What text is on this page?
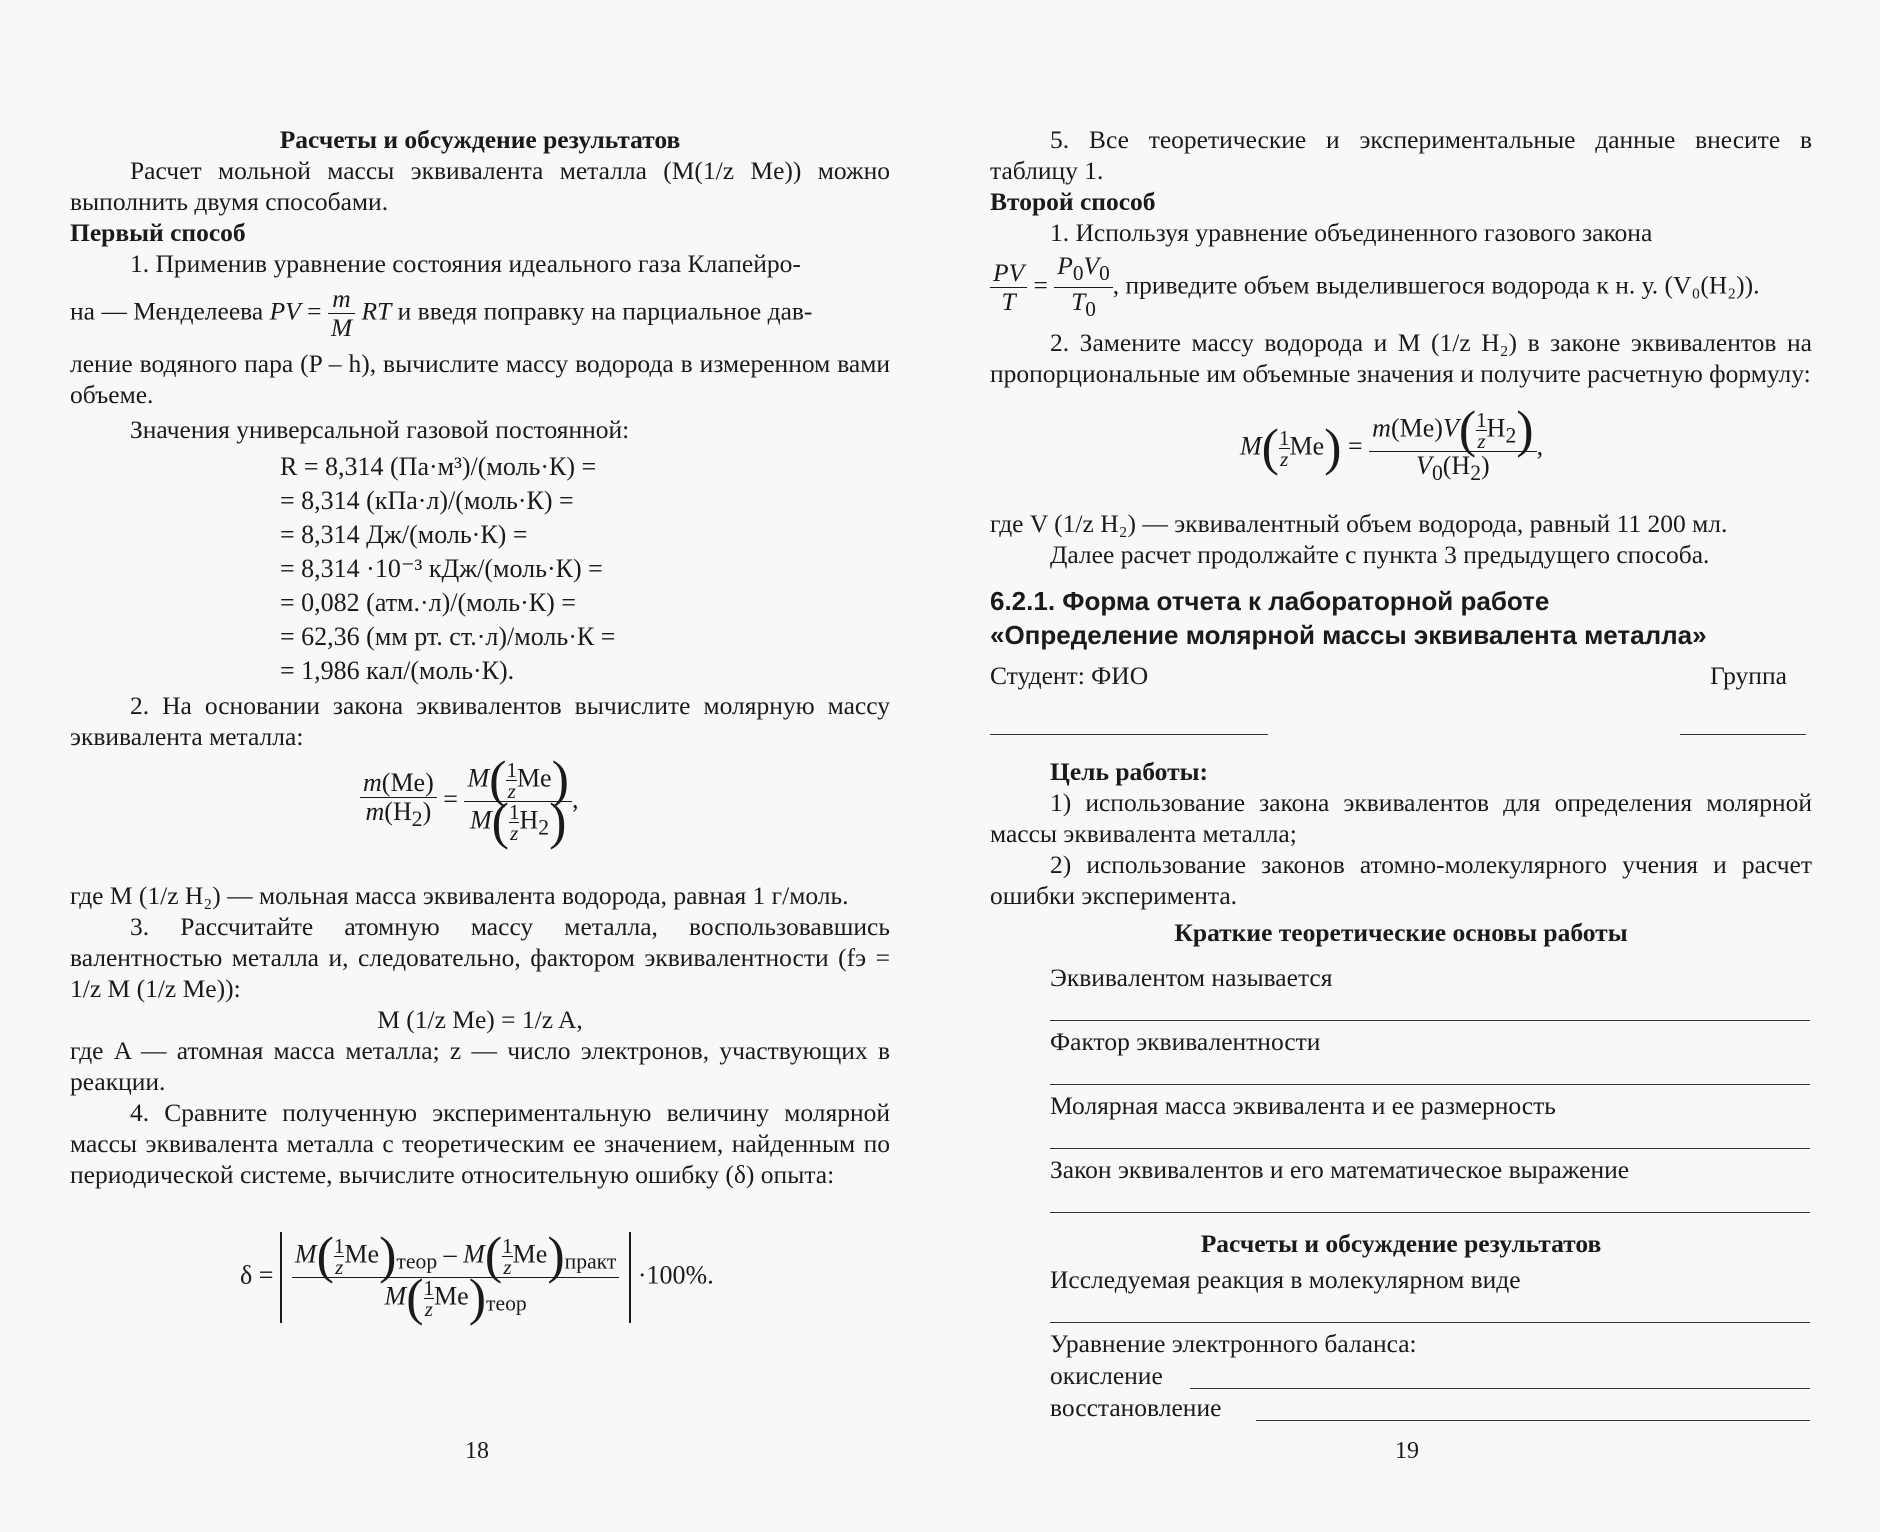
Расчеты и обсуждение результатов

Расчет мольной массы эквивалента металла (M(1/z Me)) можно выполнить двумя способами.

Первый способ

1. Применив уравнение состояния идеального газа Клапейро-

на — Менделеева PV = $\frac{m}{M}$ RT и введя поправку на парциальное дав-

ление водяного пара (P – h), вычислите массу водорода в измеренном вами объеме.

Значения универсальной газовой постоянной:

R = 8,314 (Па·м³)/(моль·К) =
= 8,314 (кПа·л)/(моль·К) =
= 8,314 Дж/(моль·К) =
= 8,314 ·10⁻³ кДж/(моль·К) =
= 0,082 (атм.·л)/(моль·К) =
= 62,36 (мм рт. ст.·л)/моль·К =
= 1,986 кал/(моль·К).

2. На основании закона эквивалентов вычислите молярную массу эквивалента металла:

$\frac{m(Me)}{m(H_2)} = \frac{M( \frac{1}{z} Me)}{M( \frac{1}{z} H_2)}$ ,

где M (1/z H₂) — мольная масса эквивалента водорода, равная 1 г/моль.

3. Рассчитайте атомную массу металла, воспользовавшись валентностью металла и, следовательно, фактором эквивалентности (fэ = 1/z M (1/z Me)):

M (1/z Me) = 1/z A,

где A — атомная масса металла; z — число электронов, участвующих в реакции.

4. Сравните полученную экспериментальную величину молярной массы эквивалента металла с теоретическим ее значением, найденным по периодической системе, вычислите относительную ошибку (δ) опыта:

$\delta = \frac{M( \frac{1}{z} Me)_{теор} - M( \frac{1}{z} Me)_{практ}}{M( \frac{1}{z} Me)_{теор}} \cdot 100\%$.
18

5. Все теоретические и экспериментальные данные внесите в таблицу 1.

Второй способ

1. Используя уравнение объединенного газового закона

$\frac{PV}{T} = \frac{P_0V_0}{T_0}$ , приведите объем выделившегося водорода к н. у. (V₀(H₂)).

2. Замените массу водорода и M (1/z H₂) в законе эквивалентов на пропорциональные им объемные значения и получите расчетную формулу:

$M( \frac{1}{z} Me) = \frac{m(Me)V( \frac{1}{z} H_2)}{V_0(H_2)}$ ,

где V (1/z H₂) — эквивалентный объем водорода, равный 11 200 мл.

Далее расчет продолжайте с пункта 3 предыдущего способа.

6.2.1. Форма отчета к лабораторной работе
«Определение молярной массы эквивалента металла»
Студент: ФИО	Группа

Цель работы:

1) использование закона эквивалентов для определения молярной массы эквивалента металла;

2) использование законов атомно-молекулярного учения и расчет ошибки эксперимента.

Краткие теоретические основы работы

Эквивалентом называется
Фактор эквивалентности
Молярная масса эквивалента и ее размерность
Закон эквивалентов и его математическое выражение

Расчеты и обсуждение результатов

Исследуемая реакция в молекулярном виде
Уравнение электронного баланса:
окисление
восстановление
19
